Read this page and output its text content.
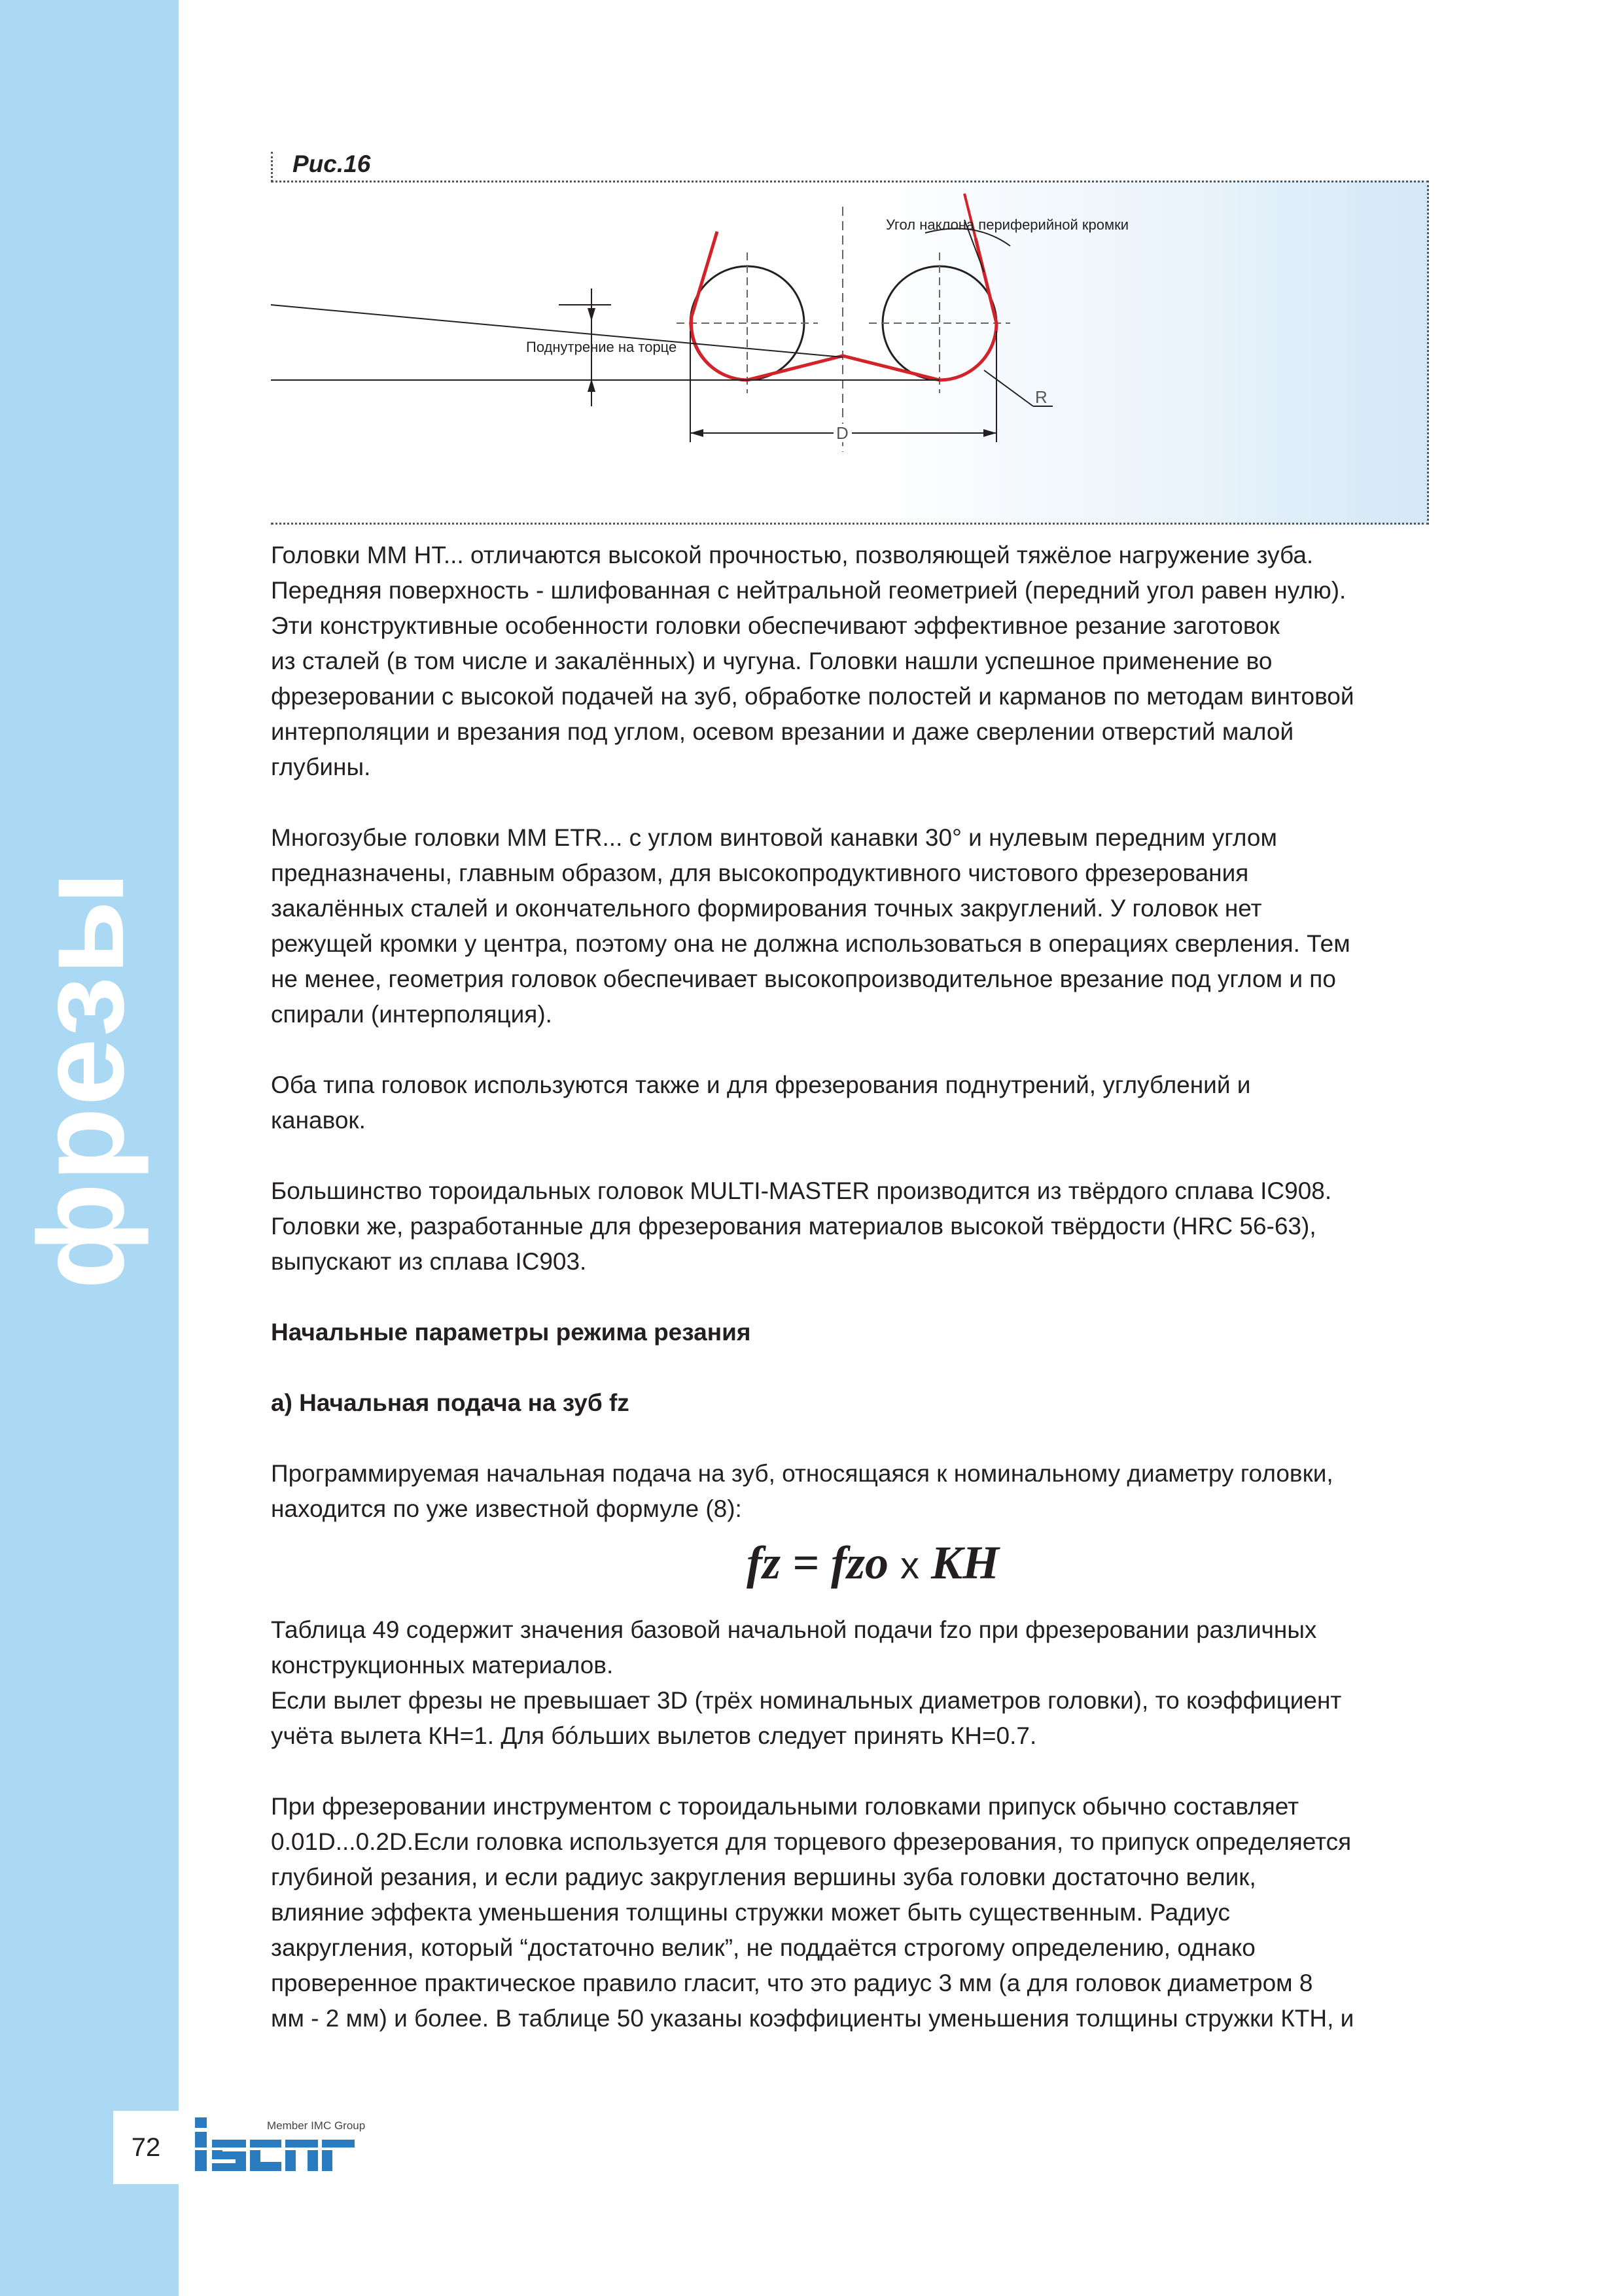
фрезы
72
Member IMC Group
Рис.16
Поднутрение на торце
Угол наклона периферийной кромки
R
D

Головки MM HT... отличаются высокой прочностью, позволяющей тяжёлое нагружение зуба.
Передняя поверхность - шлифованная с нейтральной геометрией (передний угол равен нулю).
Эти конструктивные особенности головки обеспечивают эффективное резание заготовок
из сталей (в том числе и закалённых) и чугуна. Головки нашли успешное применение во
фрезеровании с высокой подачей на зуб, обработке полостей и карманов по методам винтовой
интерполяции и врезания под углом, осевом врезании и даже сверлении отверстий малой
глубины.

Многозубые головки MM ETR... с углом винтовой канавки 30° и нулевым передним углом
предназначены, главным образом, для высокопродуктивного чистового фрезерования
закалённых сталей и окончательного формирования точных закруглений. У головок нет
режущей кромки у центра, поэтому она не должна использоваться в операциях сверления. Тем
не менее, геометрия головок обеспечивает высокопроизводительное врезание под углом и по
спирали (интерполяция).

Оба типа головок используются также и для фрезерования поднутрений, углублений и
канавок.

Большинство тороидальных головок MULTI-MASTER производится из твёрдого сплава IC908.
Головки же, разработанные для фрезерования материалов высокой твёрдости (HRC 56-63),
выпускают из сплава IC903.

Начальные параметры режима резания
а) Начальная подача на зуб fz

Программируемая начальная подача на зуб, относящаяся к номинальному диаметру головки,
находится по уже известной формуле (8):

fz = fzo x KH

Таблица 49 содержит значения базовой начальной подачи fzo при фрезеровании различных
конструкционных материалов.
Если вылет фрезы не превышает 3D (трёх номинальных диаметров головки), то коэффициент
учёта вылета КН=1. Для бóльших вылетов следует принять КН=0.7.

При фрезеровании инструментом с тороидальными головками припуск обычно составляет
0.01D...0.2D.Если головка используется для торцевого фрезерования, то припуск определяется
глубиной резания, и если радиус закругления вершины зуба головки достаточно велик,
влияние эффекта уменьшения толщины стружки может быть существенным. Радиус
закругления, который “достаточно велик”, не поддаётся строгому определению, однако
проверенное практическое правило гласит, что это радиус 3 мм (а для головок диаметром 8
мм - 2 мм) и более. В таблице 50 указаны коэффициенты уменьшения толщины стружки КТН, и
